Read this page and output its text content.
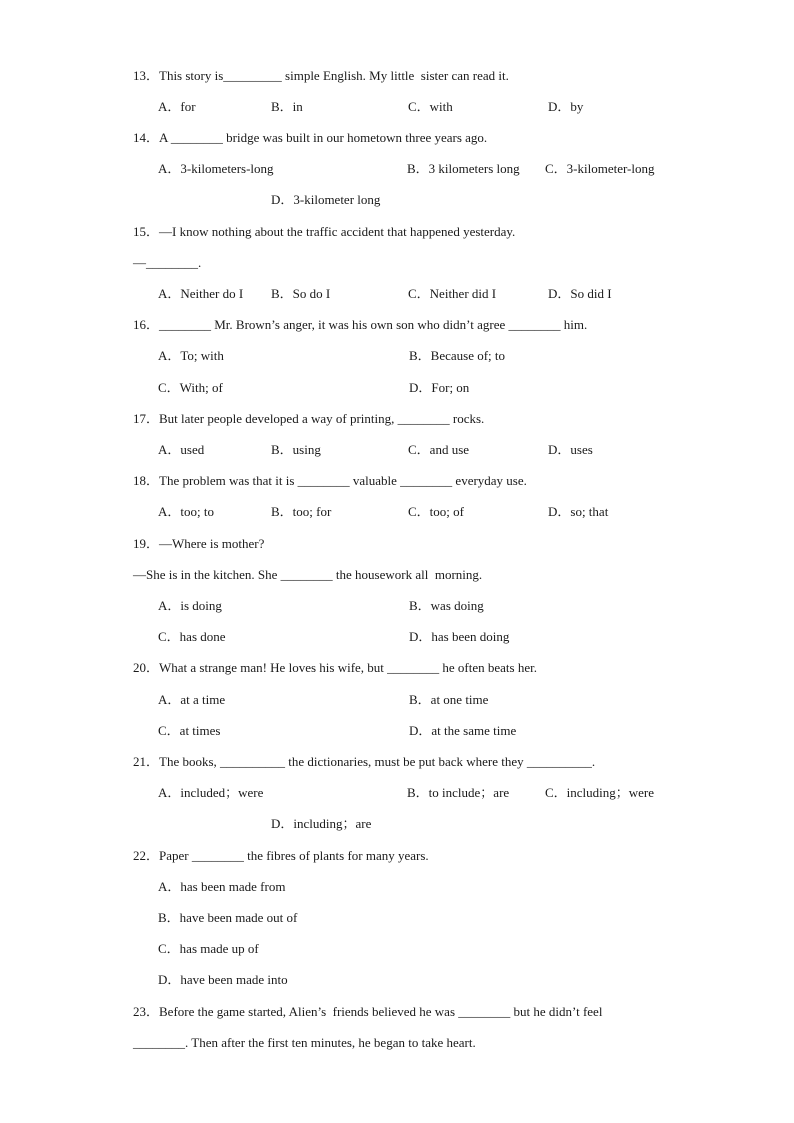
13．This story is_________ simple English. My little  sister can read it.
A．for	B．in	C．with	D．by
14．A ________ bridge was built in our hometown three years ago.
A．3-kilometers-long	B．3 kilometers long C．3-kilometer-long
D．3-kilometer long
15．—I know nothing about the traffic accident that happened yesterday.
—________.
A．Neither do I B．So do I	C．Neither did I	D．So did I
16．________ Mr. Brown’s anger, it was his own son who didn’t agree ________ him.
A．To; with	B．Because of; to
C．With; of	D．For; on
17．But later people developed a way of printing, ________ rocks.
A．used	B．using	C．and use	D．uses
18．The problem was that it is ________ valuable ________ everyday use.
A．too; to	B．too; for	C．too; of	D．so; that
19．—Where is mother?
—She is in the kitchen. She ________ the housework all  morning.
A．is doing	B．was doing
C．has done	D．has been doing
20．What a strange man! He loves his wife, but ________ he often beats her.
A．at a time	B．at one time
C．at times	D．at the same time
21．The books, __________ the dictionaries, must be put back where they __________.
A．included；were	B．to include；are	C．including；were
D．including；are
22．Paper ________ the fibres of plants for many years.
A．has been made from
B．have been made out of
C．has made up of
D．have been made into
23．Before the game started, Alien’s  friends believed he was ________ but he didn’t feel
________. Then after the first ten minutes, he began to take heart.
